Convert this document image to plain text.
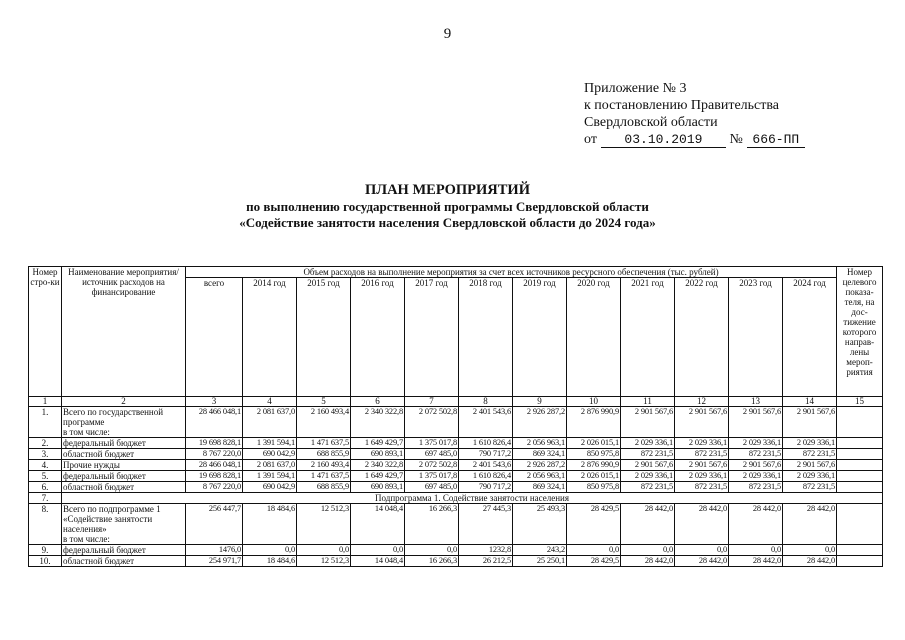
9
Приложение № 3
к постановлению Правительства
Свердловской области
от 03.10.2019 № 666-ПП
ПЛАН МЕРОПРИЯТИЙ
по выполнению государственной программы Свердловской области
«Содействие занятости населения Свердловской области до 2024 года»
Номер стро-ки	Наименование мероприятия/ источник расходов на финансирование	Объем расходов на выполнение мероприятия за счет всех источников ресурсного обеспечения (тыс. рублей)												Номер целевого показа-теля, на дос-тижение которого направ-лены мероп-риятия
		всего	2014 год	2015 год	2016 год	2017 год	2018 год	2019 год	2020 год	2021 год	2022 год	2023 год	2024 год	
1	2	3	4	5	6	7	8	9	10	11	12	13	14	15
1.	Всего по государственной
программе
в том числе:	28 466 048,1	2 081 637,0	2 160 493,4	2 340 322,8	2 072 502,8	2 401 543,6	2 926 287,2	2 876 990,9	2 901 567,6	2 901 567,6	2 901 567,6	2 901 567,6	
2.	федеральный бюджет	19 698 828,1	1 391 594,1	1 471 637,5	1 649 429,7	1 375 017,8	1 610 826,4	2 056 963,1	2 026 015,1	2 029 336,1	2 029 336,1	2 029 336,1	2 029 336,1	
3.	областной бюджет	8 767 220,0	690 042,9	688 855,9	690 893,1	697 485,0	790 717,2	869 324,1	850 975,8	872 231,5	872 231,5	872 231,5	872 231,5	
4.	Прочие нужды	28 466 048,1	2 081 637,0	2 160 493,4	2 340 322,8	2 072 502,8	2 401 543,6	2 926 287,2	2 876 990,9	2 901 567,6	2 901 567,6	2 901 567,6	2 901 567,6	
5.	федеральный бюджет	19 698 828,1	1 391 594,1	1 471 637,5	1 649 429,7	1 375 017,8	1 610 826,4	2 056 963,1	2 026 015,1	2 029 336,1	2 029 336,1	2 029 336,1	2 029 336,1	
6.	областной бюджет	8 767 220,0	690 042,9	688 855,9	690 893,1	697 485,0	790 717,2	869 324,1	850 975,8	872 231,5	872 231,5	872 231,5	872 231,5	
7.	Подпрограмма 1. Содействие занятости населения													
8.	Всего по подпрограмме 1
«Содействие занятости
населения»
в том числе:	256 447,7	18 484,6	12 512,3	14 048,4	16 266,3	27 445,3	25 493,3	28 429,5	28 442,0	28 442,0	28 442,0	28 442,0	
9.	федеральный бюджет	1476,0	0,0	0,0	0,0	0,0	1232,8	243,2	0,0	0,0	0,0	0,0	0,0	
10.	областной бюджет	254 971,7	18 484,6	12 512,3	14 048,4	16 266,3	26 212,5	25 250,1	28 429,5	28 442,0	28 442,0	28 442,0	28 442,0	
